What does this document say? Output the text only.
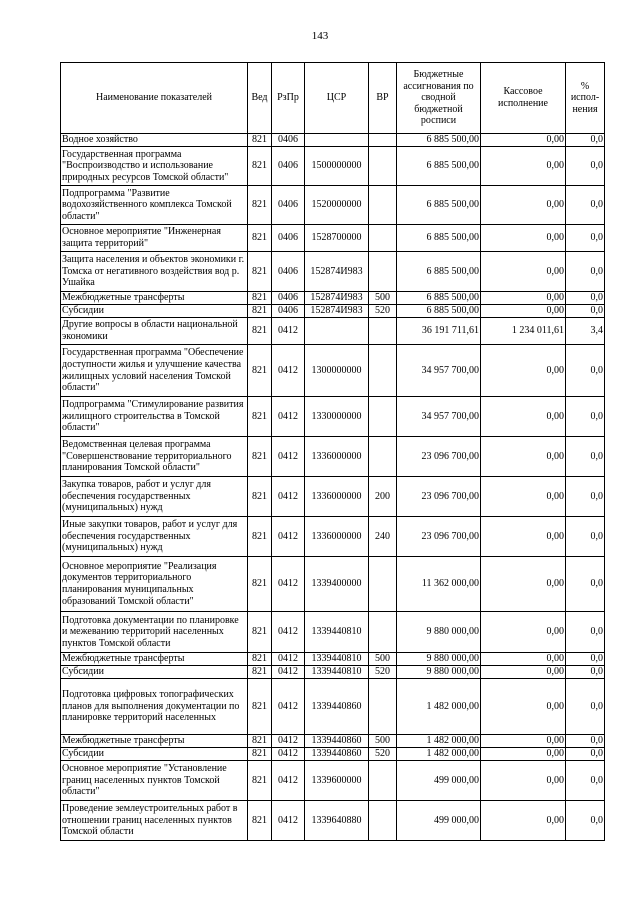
143
Наименование показателей	Вед	РзПр	ЦСР	ВР	Бюджетные ассигнования по сводной бюджетной росписи	Кассовое исполнение	% испол-нения
Водное хозяйство	821	0406			6 885 500,00	0,00	0,0
Государственная программа "Воспроизводство и использование природных ресурсов Томской области"	821	0406	1500000000		6 885 500,00	0,00	0,0
Подпрограмма "Развитие водохозяйственного комплекса Томской области"	821	0406	1520000000		6 885 500,00	0,00	0,0
Основное мероприятие "Инженерная защита территорий"	821	0406	1528700000		6 885 500,00	0,00	0,0
Защита населения и объектов экономики г. Томска от негативного воздействия вод р. Ушайка	821	0406	152874И983		6 885 500,00	0,00	0,0
Межбюджетные трансферты	821	0406	152874И983	500	6 885 500,00	0,00	0,0
Субсидии	821	0406	152874И983	520	6 885 500,00	0,00	0,0
Другие вопросы в области национальной экономики	821	0412			36 191 711,61	1 234 011,61	3,4
Государственная программа "Обеспечение доступности жилья и улучшение качества жилищных условий населения Томской области"	821	0412	1300000000		34 957 700,00	0,00	0,0
Подпрограмма "Стимулирование развития жилищного строительства в Томской области"	821	0412	1330000000		34 957 700,00	0,00	0,0
Ведомственная целевая программа "Совершенствование территориального планирования Томской области"	821	0412	1336000000		23 096 700,00	0,00	0,0
Закупка товаров, работ и услуг для обеспечения государственных (муниципальных) нужд	821	0412	1336000000	200	23 096 700,00	0,00	0,0
Иные закупки товаров, работ и услуг для обеспечения государственных (муниципальных) нужд	821	0412	1336000000	240	23 096 700,00	0,00	0,0
Основное мероприятие "Реализация документов территориального планирования муниципальных образований Томской области"	821	0412	1339400000		11 362 000,00	0,00	0,0
Подготовка документации по планировке и межеванию территорий населенных пунктов Томской области	821	0412	1339440810		9 880 000,00	0,00	0,0
Межбюджетные трансферты	821	0412	1339440810	500	9 880 000,00	0,00	0,0
Субсидии	821	0412	1339440810	520	9 880 000,00	0,00	0,0
Подготовка цифровых топографических планов для выполнения документации по планировке территорий населенных	821	0412	1339440860		1 482 000,00	0,00	0,0
Межбюджетные трансферты	821	0412	1339440860	500	1 482 000,00	0,00	0,0
Субсидии	821	0412	1339440860	520	1 482 000,00	0,00	0,0
Основное мероприятие "Установление границ населенных пунктов Томской области"	821	0412	1339600000		499 000,00	0,00	0,0
Проведение землеустроительных работ в отношении границ населенных пунктов Томской области	821	0412	1339640880		499 000,00	0,00	0,0
